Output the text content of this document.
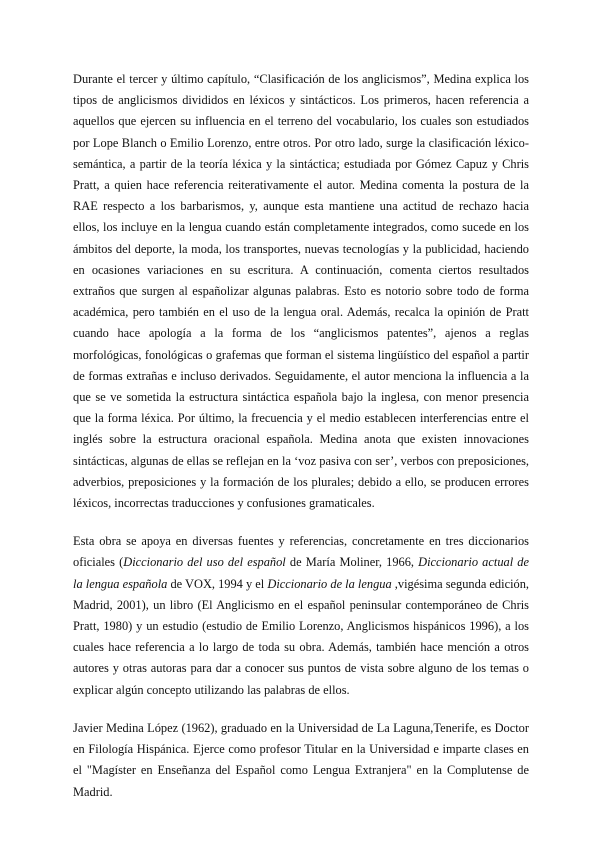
Durante el tercer y último capítulo, “Clasificación de los anglicismos”, Medina explica los tipos de anglicismos divididos en léxicos y sintácticos. Los primeros, hacen referencia a aquellos que ejercen su influencia en el terreno del vocabulario, los cuales son estudiados por Lope Blanch o Emilio Lorenzo, entre otros. Por otro lado, surge la clasificación léxico-semántica, a partir de la teoría léxica y la sintáctica; estudiada por Gómez Capuz y Chris Pratt, a quien hace referencia reiterativamente el autor. Medina comenta la postura de la RAE respecto a los barbarismos, y, aunque esta mantiene una actitud de rechazo hacia ellos, los incluye en la lengua cuando están completamente integrados, como sucede en los ámbitos del deporte, la moda, los transportes, nuevas tecnologías y la publicidad, haciendo en ocasiones variaciones en su escritura. A continuación, comenta ciertos resultados extraños que surgen al españolizar algunas palabras. Esto es notorio sobre todo de forma académica, pero también en el uso de la lengua oral. Además, recalca la opinión de Pratt cuando hace apología a la forma de los “anglicismos patentes”, ajenos a reglas morfológicas, fonológicas o grafemas que forman el sistema lingüístico del español a partir de formas extrañas e incluso derivados. Seguidamente, el autor menciona la influencia a la que se ve sometida la estructura sintáctica española bajo la inglesa, con menor presencia que la forma léxica. Por último, la frecuencia y el medio establecen interferencias entre el inglés sobre la estructura oracional española. Medina anota que existen innovaciones sintácticas, algunas de ellas se reflejan en la ‘voz pasiva con ser’, verbos con preposiciones, adverbios, preposiciones y la formación de los plurales; debido a ello, se producen errores léxicos, incorrectas traducciones y confusiones gramaticales.

Esta obra se apoya en diversas fuentes y referencias, concretamente en tres diccionarios oficiales (Diccionario del uso del español de María Moliner, 1966, Diccionario actual de la lengua española de VOX, 1994 y el Diccionario de la lengua ,vigésima segunda edición, Madrid, 2001), un libro (El Anglicismo en el español peninsular contemporáneo de Chris Pratt, 1980) y un estudio (estudio de Emilio Lorenzo, Anglicismos hispánicos 1996), a los cuales hace referencia a lo largo de toda su obra. Además, también hace mención a otros autores y otras autoras para dar a conocer sus puntos de vista sobre alguno de los temas o explicar algún concepto utilizando las palabras de ellos.

Javier Medina López (1962), graduado en la Universidad de La Laguna,Tenerife, es Doctor en Filología Hispánica. Ejerce como profesor Titular en la Universidad e imparte clases en el "Magíster en Enseñanza del Español como Lengua Extranjera" en la Complutense de Madrid.
